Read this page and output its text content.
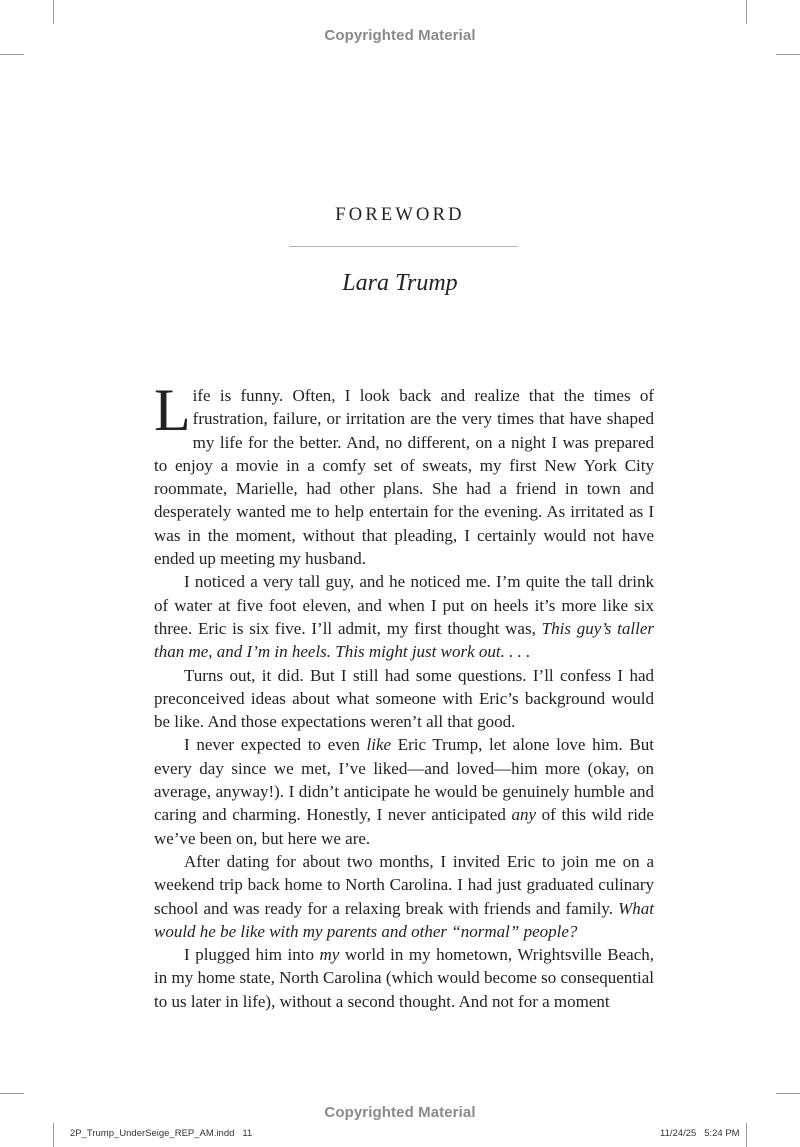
Copyrighted Material
FOREWORD
Lara Trump

Life is funny. Often, I look back and realize that the times of frustration, failure, or irritation are the very times that have shaped my life for the better. And, no different, on a night I was prepared to enjoy a movie in a comfy set of sweats, my first New York City roommate, Marielle, had other plans. She had a friend in town and desperately wanted me to help entertain for the evening. As irritated as I was in the moment, without that pleading, I certainly would not have ended up meeting my husband.

I noticed a very tall guy, and he noticed me. I’m quite the tall drink of water at five foot eleven, and when I put on heels it’s more like six three. Eric is six five. I’ll admit, my first thought was, This guy’s taller than me, and I’m in heels. This might just work out. . . .

Turns out, it did. But I still had some questions. I’ll confess I had preconceived ideas about what someone with Eric’s background would be like. And those expectations weren’t all that good.

I never expected to even like Eric Trump, let alone love him. But every day since we met, I’ve liked—and loved—him more (okay, on average, anyway!). I didn’t anticipate he would be genuinely humble and caring and charming. Honestly, I never anticipated any of this wild ride we’ve been on, but here we are.

After dating for about two months, I invited Eric to join me on a weekend trip back home to North Carolina. I had just graduated culinary school and was ready for a relaxing break with friends and family. What would he be like with my parents and other “normal” people?

I plugged him into my world in my hometown, Wrightsville Beach, in my home state, North Carolina (which would become so consequential to us later in life), without a second thought. And not for a moment

Copyrighted Material
2P_Trump_UnderSeige_REP_AM.indd   11	11/24/25   5:24 PM
